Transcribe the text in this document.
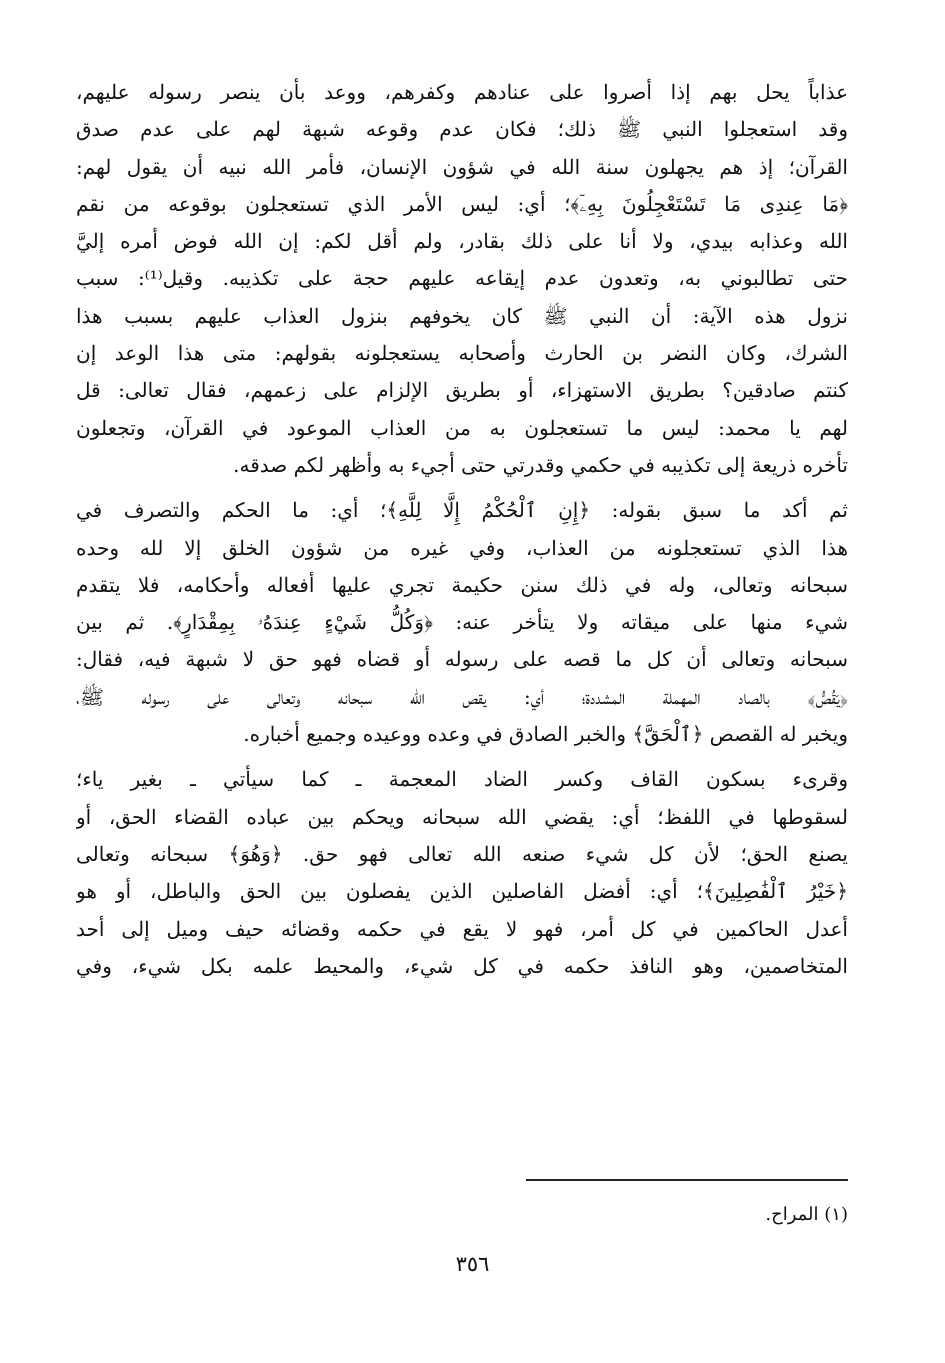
عذاباً يحل بهم إذا أصروا على عنادهم وكفرهم، ووعد بأن ينصر رسوله عليهم،
وقد استعجلوا النبي ﷺ ذلك؛ فكان عدم وقوعه شبهة لهم على عدم صدق
القرآن؛ إذ هم يجهلون سنة الله في شؤون الإنسان، فأمر الله نبيه أن يقول لهم:
﴿مَا عِندِى مَا تَسْتَعْجِلُونَ بِهِۦٓ﴾؛ أي: ليس الأمر الذي تستعجلون بوقوعه من نقم
الله وعذابه بيدي، ولا أنا على ذلك بقادر، ولم أقل لكم: إن الله فوض أمره إليَّ
حتى تطالبوني به، وتعدون عدم إيقاعه عليهم حجة على تكذيبه. وقيل⁽¹⁾: سبب
نزول هذه الآية: أن النبي ﷺ كان يخوفهم بنزول العذاب عليهم بسبب هذا
الشرك، وكان النضر بن الحارث وأصحابه يستعجلونه بقولهم: متى هذا الوعد إن
كنتم صادقين؟ بطريق الاستهزاء، أو بطريق الإلزام على زعمهم، فقال تعالى: قل
لهم يا محمد: ليس ما تستعجلون به من العذاب الموعود في القرآن، وتجعلون
تأخره ذريعة إلى تكذيبه في حكمي وقدرتي حتى أجيء به وأظهر لكم صدقه.
ثم أكد ما سبق بقوله: ﴿إِنِ ٱلْحُكْمُ إِلَّا لِلَّهِ﴾؛ أي: ما الحكم والتصرف في
هذا الذي تستعجلونه من العذاب، وفي غيره من شؤون الخلق إلا لله وحده
سبحانه وتعالى، وله في ذلك سنن حكيمة تجري عليها أفعاله وأحكامه، فلا يتقدم
شيء منها على ميقاته ولا يتأخر عنه: ﴿وَكُلُّ شَيْءٍ عِندَهُۥ بِمِقْدَارٍ﴾. ثم بين
سبحانه وتعالى أن كل ما قصه على رسوله أو قضاه فهو حق لا شبهة فيه، فقال:
﴿يَقُصُّ﴾ بالصاد المهملة المشددة؛ أي: يقص الله سبحانه وتعالى على رسوله ﷺ،
ويخبر له القصص ﴿ٱلْحَقَّ﴾ والخبر الصادق في وعده ووعيده وجميع أخباره.
وقرىء بسكون القاف وكسر الضاد المعجمة ـ كما سيأتي ـ بغير ياء؛
لسقوطها في اللفظ؛ أي: يقضي الله سبحانه ويحكم بين عباده القضاء الحق، أو
يصنع الحق؛ لأن كل شيء صنعه الله تعالى فهو حق. ﴿وَهُوَ﴾ سبحانه وتعالى
﴿خَيْرُ ٱلْفَٰصِلِينَ﴾؛ أي: أفضل الفاصلين الذين يفصلون بين الحق والباطل، أو هو
أعدل الحاكمين في كل أمر، فهو لا يقع في حكمه وقضائه حيف وميل إلى أحد
المتخاصمين، وهو النافذ حكمه في كل شيء، والمحيط علمه بكل شيء، وفي
(١) المراح.
٣٥٦
